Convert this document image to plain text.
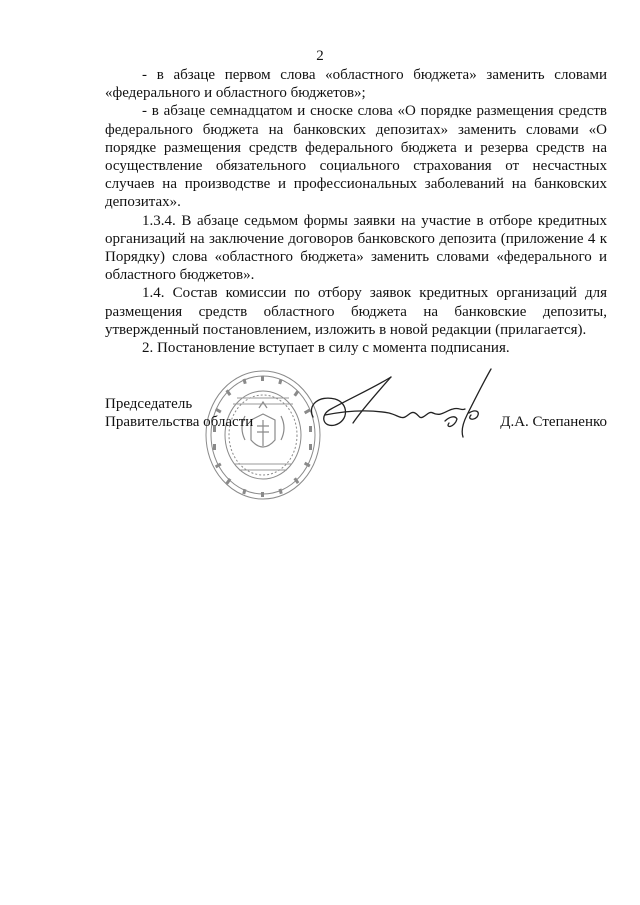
2

- в абзаце первом слова «областного бюджета» заменить словами «федерального и областного бюджетов»;

- в абзаце семнадцатом и сноске слова «О порядке размещения средств федерального бюджета на банковских депозитах» заменить словами «О порядке размещения средств федерального бюджета и резерва средств на осуществление обязательного социального страхования от несчастных случаев на производстве и профессиональных заболеваний на банковских депозитах».

1.3.4. В абзаце седьмом формы заявки на участие в отборе кредитных организаций на заключение договоров банковского депозита (приложение 4 к Порядку) слова «областного бюджета» заменить словами «федерального и областного бюджетов».

1.4. Состав комиссии по отбору заявок кредитных организаций для размещения средств областного бюджета на банковские депозиты, утвержденный постановлением, изложить в новой редакции (прилагается).

2. Постановление вступает в силу с момента подписания.

Председатель
Правительства области	Д.А. Степаненко
